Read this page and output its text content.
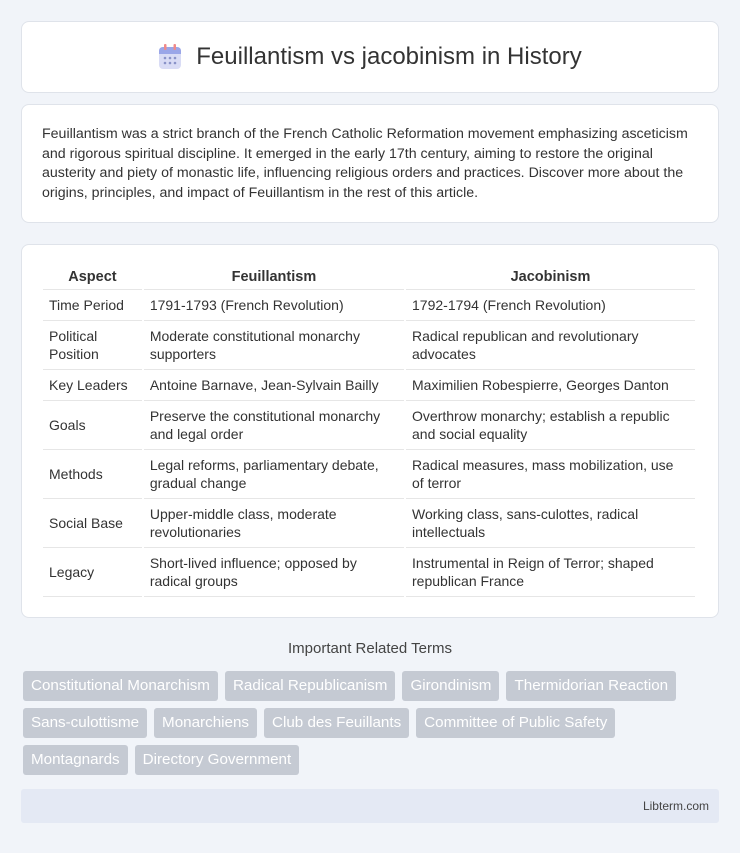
Feuillantism vs jacobinism in History

Feuillantism was a strict branch of the French Catholic Reformation movement emphasizing asceticism and rigorous spiritual discipline. It emerged in the early 17th century, aiming to restore the original austerity and piety of monastic life, influencing religious orders and practices. Discover more about the origins, principles, and impact of Feuillantism in the rest of this article.

Aspect	Feuillantism	Jacobinism
Time Period	1791-1793 (French Revolution)	1792-1794 (French Revolution)
Political Position	Moderate constitutional monarchy supporters	Radical republican and revolutionary advocates
Key Leaders	Antoine Barnave, Jean-Sylvain Bailly	Maximilien Robespierre, Georges Danton
Goals	Preserve the constitutional monarchy and legal order	Overthrow monarchy; establish a republic and social equality
Methods	Legal reforms, parliamentary debate, gradual change	Radical measures, mass mobilization, use of terror
Social Base	Upper-middle class, moderate revolutionaries	Working class, sans-culottes, radical intellectuals
Legacy	Short-lived influence; opposed by radical groups	Instrumental in Reign of Terror; shaped republican France
Important Related Terms
Constitutional Monarchism	Radical Republicanism	Girondinism	Thermidorian Reaction
Sans-culottisme	Monarchiens	Club des Feuillants	Committee of Public Safety
Montagnards	Directory Government
Libterm.com
